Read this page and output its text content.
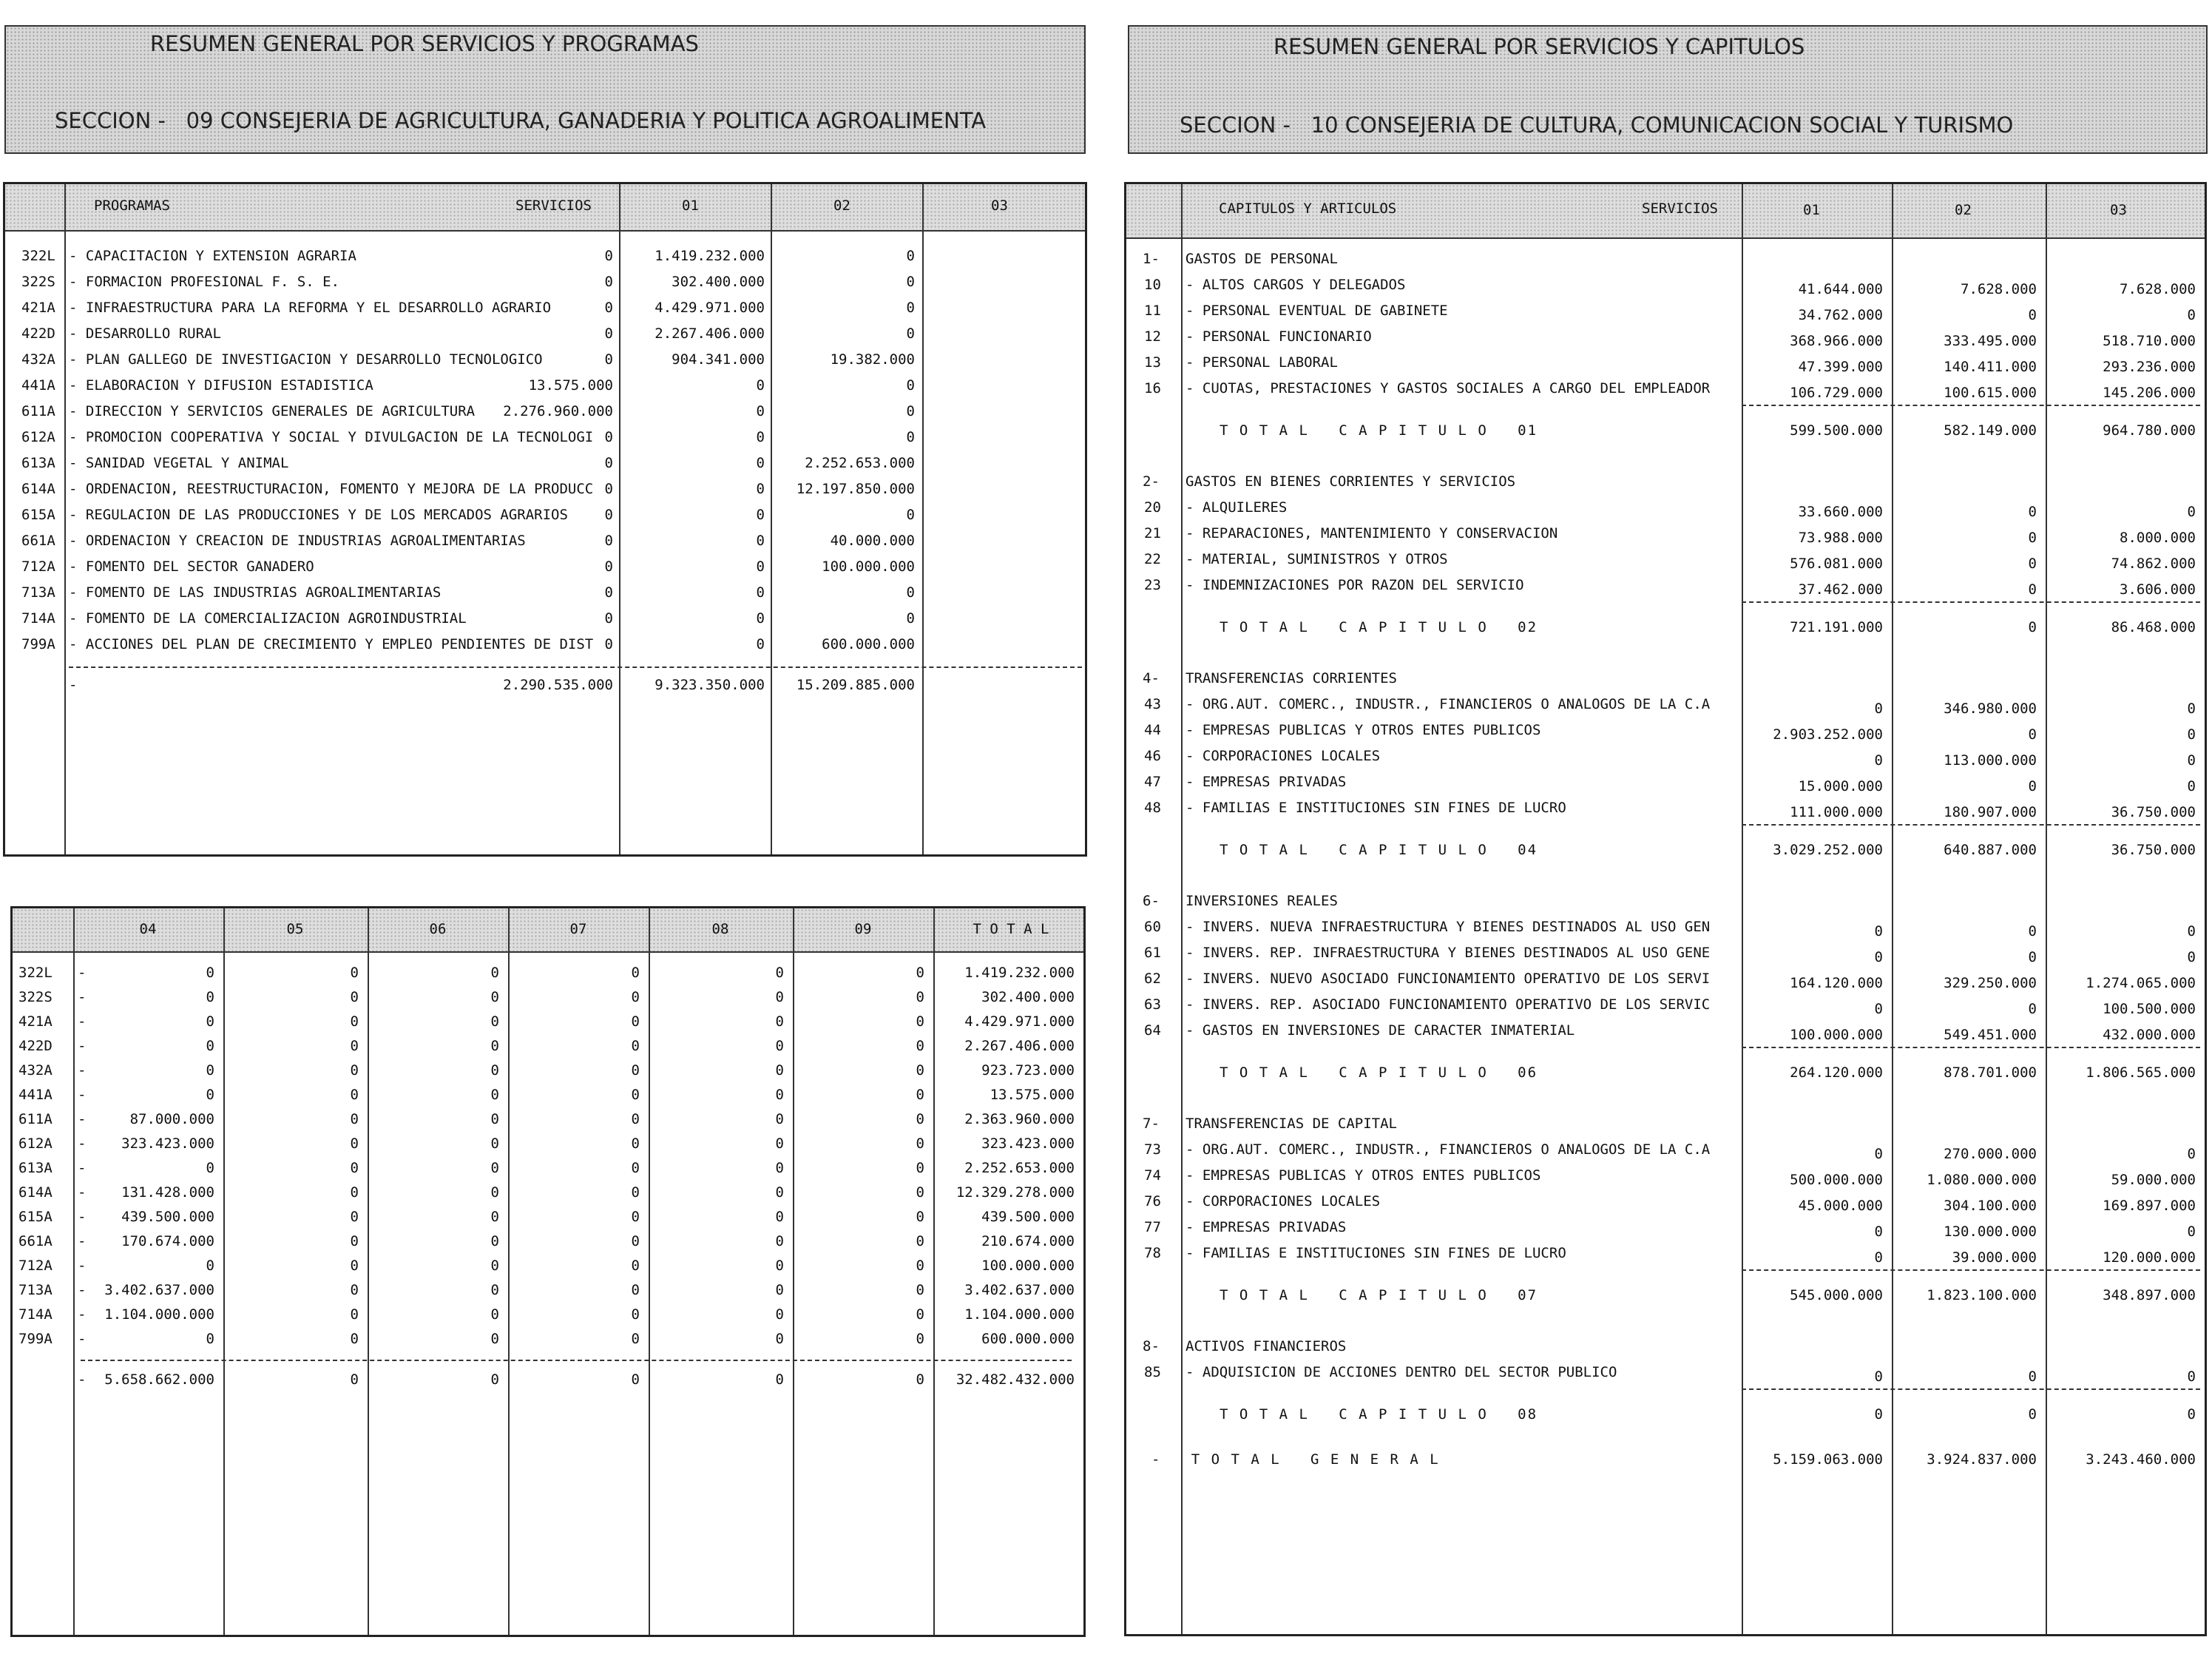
RESUMEN GENERAL POR SERVICIOS Y PROGRAMAS
SECCION -   09 CONSEJERIA DE AGRICULTURA, GANADERIA Y POLITICA AGROALIMENTA
RESUMEN GENERAL POR SERVICIOS Y CAPITULOS
SECCION -   10 CONSEJERIA DE CULTURA, COMUNICACION SOCIAL Y TURISMO
PROGRAMAS	SERVICIOS	01	02	03
322L - CAPACITACION Y EXTENSION AGRARIA	0	1.419.232.000	0
322S - FORMACION PROFESIONAL F. S. E.	0	302.400.000	0
421A - INFRAESTRUCTURA PARA LA REFORMA Y EL DESARROLLO AGRARIO	0	4.429.971.000	0
422D - DESARROLLO RURAL	0	2.267.406.000	0
432A - PLAN GALLEGO DE INVESTIGACION Y DESARROLLO TECNOLOGICO	0	904.341.000	19.382.000
441A - ELABORACION Y DIFUSION ESTADISTICA	13.575.000	0	0
611A - DIRECCION Y SERVICIOS GENERALES DE AGRICULTURA 2.276.960.000	0	0
612A - PROMOCION COOPERATIVA Y SOCIAL Y DIVULGACION DE LA TECNOLOGI 0	0	0
613A - SANIDAD VEGETAL Y ANIMAL	0	0	2.252.653.000
614A - ORDENACION, REESTRUCTURACION, FOMENTO Y MEJORA DE LA PRODUCC 0	0 12.197.850.000
615A - REGULACION DE LAS PRODUCCIONES Y DE LOS MERCADOS AGRARIOS	0	0	0
661A - ORDENACION Y CREACION DE INDUSTRIAS AGROALIMENTARIAS	0	0	40.000.000
712A - FOMENTO DEL SECTOR GANADERO	0	0	100.000.000
713A - FOMENTO DE LAS INDUSTRIAS AGROALIMENTARIAS	0	0	0
714A - FOMENTO DE LA COMERCIALIZACION AGROINDUSTRIAL	0	0	0
799A - ACCIONES DEL PLAN DE CRECIMIENTO Y EMPLEO PENDIENTES DE DIST 0	0	600.000.000
-	2.290.535.000	9.323.350.000 15.209.885.000
04	05	06	07	08	09	T O T A L
322L -	0	0	0	0	0	0	1.419.232.000
322S -	0	0	0	0	0	0	302.400.000
421A -	0	0	0	0	0	0	4.429.971.000
422D -	0	0	0	0	0	0	2.267.406.000
432A -	0	0	0	0	0	0	923.723.000
441A -	0	0	0	0	0	0	13.575.000
611A -	87.000.000	0	0	0	0	0	2.363.960.000
612A -	323.423.000	0	0	0	0	0	323.423.000
613A -	0	0	0	0	0	0	2.252.653.000
614A -	131.428.000	0	0	0	0	0 12.329.278.000
615A -	439.500.000	0	0	0	0	0	439.500.000
661A -	170.674.000	0	0	0	0	0	210.674.000
712A -	0	0	0	0	0	0	100.000.000
713A - 3.402.637.000	0	0	0	0	0	3.402.637.000
714A - 1.104.000.000	0	0	0	0	0	1.104.000.000
799A -	0	0	0	0	0	0	600.000.000
- 5.658.662.000	0	0	0	0	0 32.482.432.000
CAPITULOS Y ARTICULOS	SERVICIOS	01	02	03
1- GASTOS DE PERSONAL
10 - ALTOS CARGOS Y DELEGADOS	41.644.000	7.628.000	7.628.000
11 - PERSONAL EVENTUAL DE GABINETE	34.762.000	0	0
12 - PERSONAL FUNCIONARIO	368.966.000	333.495.000	518.710.000
13 - PERSONAL LABORAL	47.399.000	140.411.000	293.236.000
16 - CUOTAS, PRESTACIONES Y GASTOS SOCIALES A CARGO DEL EMPLEADOR	106.729.000	100.615.000	145.206.000
T O T A L   C A P I T U L O   01	599.500.000	582.149.000	964.780.000
2- GASTOS EN BIENES CORRIENTES Y SERVICIOS
20 - ALQUILERES	33.660.000	0	0
21 - REPARACIONES, MANTENIMIENTO Y CONSERVACION	73.988.000	0	8.000.000
22 - MATERIAL, SUMINISTROS Y OTROS	576.081.000	0	74.862.000
23 - INDEMNIZACIONES POR RAZON DEL SERVICIO	37.462.000	0	3.606.000
T O T A L   C A P I T U L O   02	721.191.000	0	86.468.000
4- TRANSFERENCIAS CORRIENTES
43 - ORG.AUT. COMERC., INDUSTR., FINANCIEROS O ANALOGOS DE LA C.A	0	346.980.000	0
44 - EMPRESAS PUBLICAS Y OTROS ENTES PUBLICOS	2.903.252.000	0	0
46 - CORPORACIONES LOCALES	0	113.000.000	0
47 - EMPRESAS PRIVADAS	15.000.000	0	0
48 - FAMILIAS E INSTITUCIONES SIN FINES DE LUCRO	111.000.000	180.907.000	36.750.000
T O T A L   C A P I T U L O   04	3.029.252.000	640.887.000	36.750.000
6- INVERSIONES REALES
60 - INVERS. NUEVA INFRAESTRUCTURA Y BIENES DESTINADOS AL USO GEN	0	0	0
61 - INVERS. REP. INFRAESTRUCTURA Y BIENES DESTINADOS AL USO GENE	0	0	0
62 - INVERS. NUEVO ASOCIADO FUNCIONAMIENTO OPERATIVO DE LOS SERVI	164.120.000	329.250.000	1.274.065.000
63 - INVERS. REP. ASOCIADO FUNCIONAMIENTO OPERATIVO DE LOS SERVIC	0	0	100.500.000
64 - GASTOS EN INVERSIONES DE CARACTER INMATERIAL	100.000.000	549.451.000	432.000.000
T O T A L   C A P I T U L O   06	264.120.000	878.701.000	1.806.565.000
7- TRANSFERENCIAS DE CAPITAL
73 - ORG.AUT. COMERC., INDUSTR., FINANCIEROS O ANALOGOS DE LA C.A	0	270.000.000	0
74 - EMPRESAS PUBLICAS Y OTROS ENTES PUBLICOS	500.000.000	1.080.000.000	59.000.000
76 - CORPORACIONES LOCALES	45.000.000	304.100.000	169.897.000
77 - EMPRESAS PRIVADAS	0	130.000.000	0
78 - FAMILIAS E INSTITUCIONES SIN FINES DE LUCRO	0	39.000.000	120.000.000
T O T A L   C A P I T U L O   07	545.000.000	1.823.100.000	348.897.000
8- ACTIVOS FINANCIEROS
85 - ADQUISICION DE ACCIONES DENTRO DEL SECTOR PUBLICO	0	0	0
T O T A L   C A P I T U L O   08	0	0	0
-   T O T A L   G E N E R A L	5.159.063.000	3.924.837.000	3.243.460.000
